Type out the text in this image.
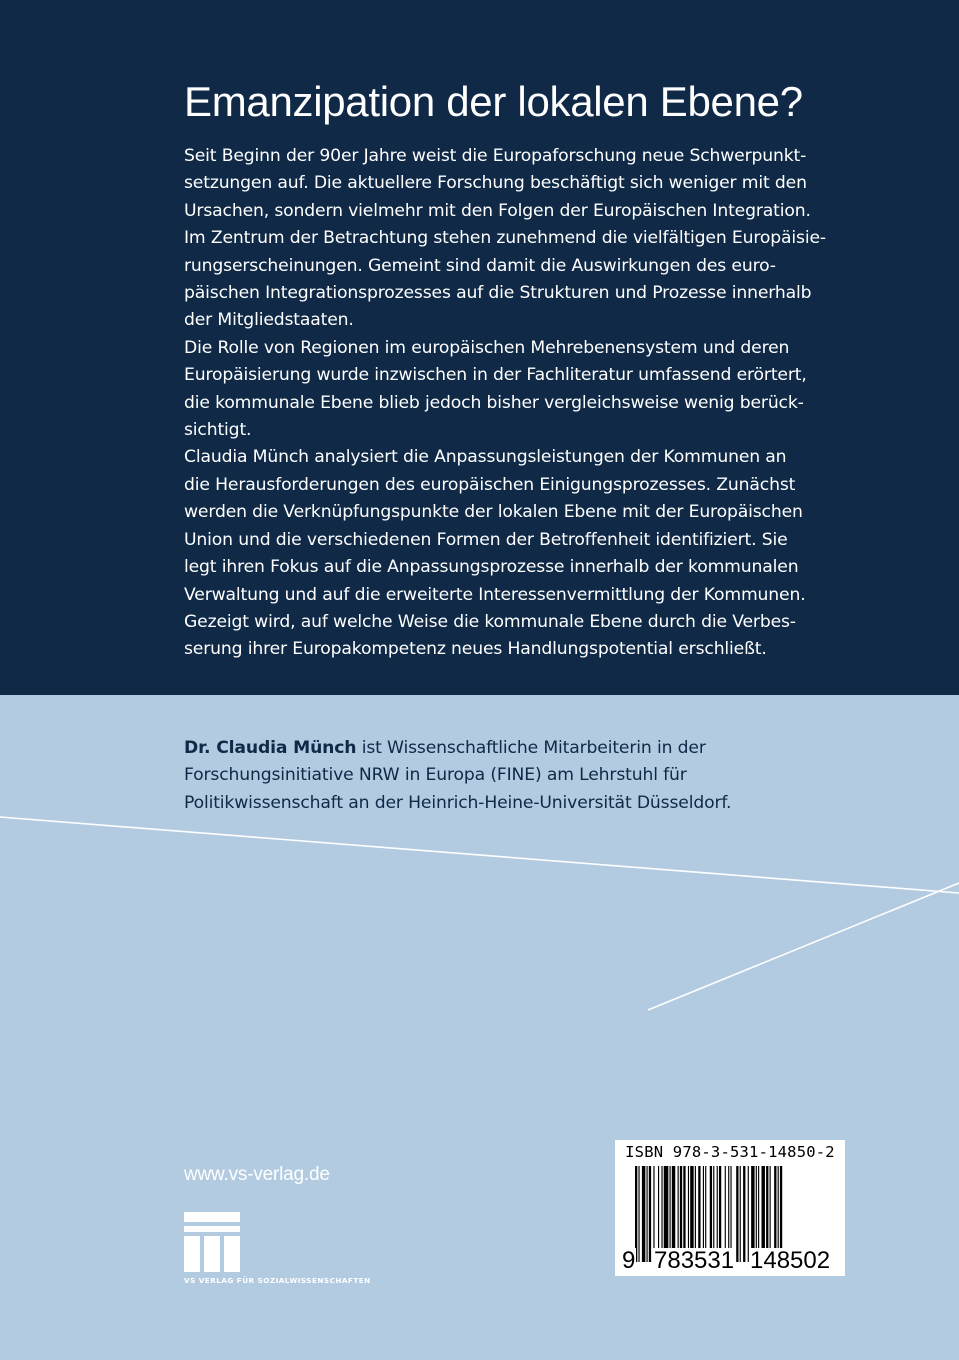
Emanzipation der lokalen Ebene?

Seit Beginn der 90er Jahre weist die Europaforschung neue Schwerpunkt-

setzungen auf. Die aktuellere Forschung beschäftigt sich weniger mit den

Ursachen, sondern vielmehr mit den Folgen der Europäischen Integration.

Im Zentrum der Betrachtung stehen zunehmend die vielfältigen Europäisie-

rungserscheinungen. Gemeint sind damit die Auswirkungen des euro-

päischen Integrationsprozesses auf die Strukturen und Prozesse innerhalb

der Mitgliedstaaten.

Die Rolle von Regionen im europäischen Mehrebenensystem und deren

Europäisierung wurde inzwischen in der Fachliteratur umfassend erörtert,

die kommunale Ebene blieb jedoch bisher vergleichsweise wenig berück-

sichtigt.

Claudia Münch analysiert die Anpassungsleistungen der Kommunen an

die Herausforderungen des europäischen Einigungsprozesses. Zunächst

werden die Verknüpfungspunkte der lokalen Ebene mit der Europäischen

Union und die verschiedenen Formen der Betroffenheit identifiziert. Sie

legt ihren Fokus auf die Anpassungsprozesse innerhalb der kommunalen

Verwaltung und auf die erweiterte Interessenvermittlung der Kommunen.

Gezeigt wird, auf welche Weise die kommunale Ebene durch die Verbes-

serung ihrer Europakompetenz neues Handlungspotential erschließt.

Dr. Claudia Münch ist Wissenschaftliche Mitarbeiterin in der

Forschungsinitiative NRW in Europa (FINE) am Lehrstuhl für

Politikwissenschaft an der Heinrich-Heine-Universität Düsseldorf.

www.vs-verlag.de

VS VERLAG FÜR SOZIALWISSENSCHAFTEN

ISBN 978-3-531-14850-2

9 783531 148502
